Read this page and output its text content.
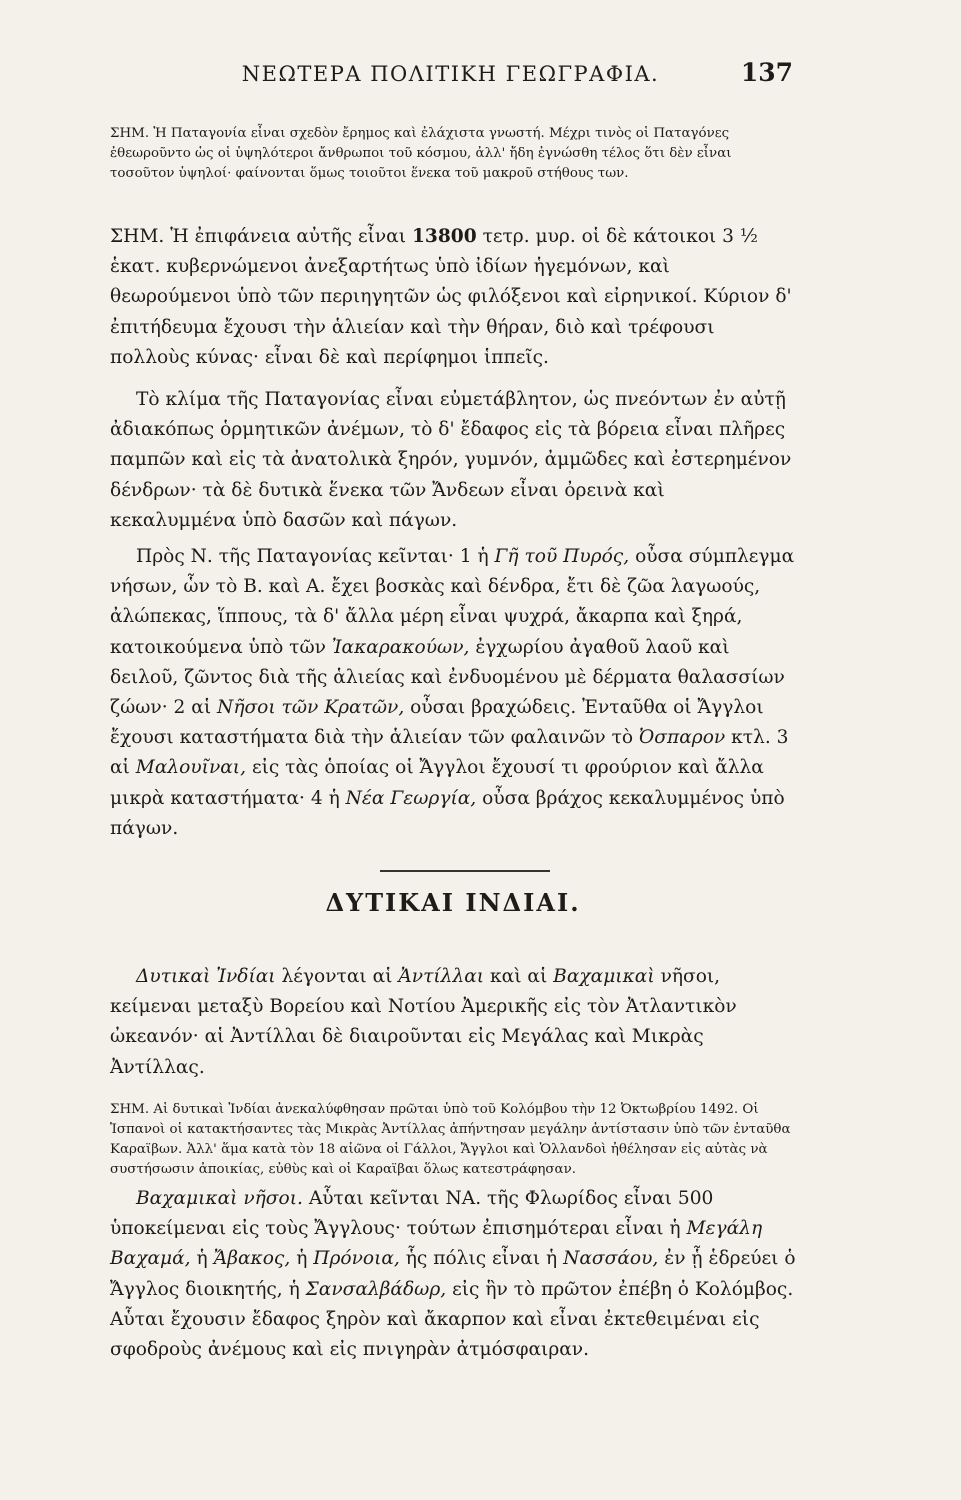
ΝΕΩΤΕΡΑ ΠΟΛΙΤΙΚΗ ΓΕΩΓΡΑΦΙΑ.	137
ΣΗΜ. Ἡ Παταγονία εἶναι σχεδὸν ἔρημος καὶ ἐλάχιστα γνωστή. Μέχρι τινὸς οἱ Παταγόνες ἐθεωροῦντο ὡς οἱ ὑψηλότεροι ἄνθρωποι τοῦ κόσμου, ἀλλ' ἤδη ἐγνώσθη τέλος ὅτι δὲν εἶναι τοσοῦτον ὑψηλοί· φαίνονται ὅμως τοιοῦτοι ἕνεκα τοῦ μακροῦ στήθους των.
ΣΗΜ. Ἡ ἐπιφάνεια αὐτῆς εἶναι 13800 τετρ. μυρ. οἱ δὲ κάτοικοι 3 ½ ἑκατ. κυβερνώμενοι ἀνεξαρτήτως ὑπὸ ἰδίων ἡγεμόνων, καὶ θεωρούμενοι ὑπὸ τῶν περιηγητῶν ὡς φιλόξενοι καὶ εἰρηνικοί. Κύριον δ' ἐπιτήδευμα ἔχουσι τὴν ἁλιείαν καὶ τὴν θήραν, διὸ καὶ τρέφουσι πολλοὺς κύνας· εἶναι δὲ καὶ περίφημοι ἱππεῖς.
Τὸ κλίμα τῆς Παταγονίας εἶναι εὐμετάβλητον, ὡς πνεόντων ἐν αὐτῇ ἀδιακόπως ὁρμητικῶν ἀνέμων, τὸ δ' ἔδαφος εἰς τὰ βόρεια εἶναι πλῆρες παμπῶν καὶ εἰς τὰ ἀνατολικὰ ξηρόν, γυμνόν, ἀμμῶδες καὶ ἐστερημένον δένδρων· τὰ δὲ δυτικὰ ἕνεκα τῶν Ἄνδεων εἶναι ὀρεινὰ καὶ κεκαλυμμένα ὑπὸ δασῶν καὶ πάγων.
Πρὸς Ν. τῆς Παταγονίας κεῖνται· 1 ἡ Γῆ τοῦ Πυρός, οὖσα σύμπλεγμα νήσων, ὧν τὸ Β. καὶ Α. ἔχει βοσκὰς καὶ δένδρα, ἔτι δὲ ζῶα λαγωούς, ἀλώπεκας, ἵππους, τὰ δ' ἄλλα μέρη εἶναι ψυχρά, ἄκαρπα καὶ ξηρά, κατοικούμενα ὑπὸ τῶν Ἰακαρακούων, ἐγχωρίου ἀγαθοῦ λαοῦ καὶ δειλοῦ, ζῶντος διὰ τῆς ἁλιείας καὶ ἐνδυομένου μὲ δέρματα θαλασσίων ζώων· 2 αἱ Νῆσοι τῶν Κρατῶν, οὖσαι βραχώδεις. Ἐνταῦθα οἱ Ἄγγλοι ἔχουσι καταστήματα διὰ τὴν ἁλιείαν τῶν φαλαινῶν τὸ Ὀσπαρον κτλ. 3 αἱ Μαλουῖναι, εἰς τὰς ὁποίας οἱ Ἄγγλοι ἔχουσί τι φρούριον καὶ ἄλλα μικρὰ καταστήματα· 4 ἡ Νέα Γεωργία, οὖσα βράχος κεκαλυμμένος ὑπὸ πάγων.
ΔΥΤΙΚΑΙ ΙΝΔΙΑΙ.
Δυτικαὶ Ἰνδίαι λέγονται αἱ Ἀντίλλαι καὶ αἱ Βαχαμικαὶ νῆσοι, κείμεναι μεταξὺ Βορείου καὶ Νοτίου Ἀμερικῆς εἰς τὸν Ἀτλαντικὸν ὠκεανόν· αἱ Ἀντίλλαι δὲ διαιροῦνται εἰς Μεγάλας καὶ Μικρὰς Ἀντίλλας.
ΣΗΜ. Αἱ δυτικαὶ Ἰνδίαι ἀνεκαλύφθησαν πρῶται ὑπὸ τοῦ Κολόμβου τὴν 12 Ὀκτωβρίου 1492. Οἱ Ἱσπανοὶ οἱ κατακτήσαντες τὰς Μικρὰς Ἀντίλλας ἀπήντησαν μεγάλην ἀντίστασιν ὑπὸ τῶν ἐνταῦθα Καραϊβων. Ἀλλ' ἅμα κατὰ τὸν 18 αἰῶνα οἱ Γάλλοι, Ἄγγλοι καὶ Ὁλλανδοὶ ἠθέλησαν εἰς αὐτὰς νὰ συστήσωσιν ἀποικίας, εὐθὺς καὶ οἱ Καραϊβαι ὅλως κατεστράφησαν.
Βαχαμικαὶ νῆσοι. Αὗται κεῖνται ΝΑ. τῆς Φλωρίδος εἶναι 500 ὑποκείμεναι εἰς τοὺς Ἄγγλους· τούτων ἐπισημότεραι εἶναι ἡ Μεγάλη Βαχαμά, ἡ Ἄβακος, ἡ Πρόνοια, ἧς πόλις εἶναι ἡ Νασσάου, ἐν ᾗ ἑδρεύει ὁ Ἄγγλος διοικητής, ἡ Σανσαλβάδωρ, εἰς ἣν τὸ πρῶτον ἐπέβη ὁ Κολόμβος. Αὗται ἔχουσιν ἔδαφος ξηρὸν καὶ ἄκαρπον καὶ εἶναι ἐκτεθειμέναι εἰς σφοδροὺς ἀνέμους καὶ εἰς πνιγηρὰν ἀτμόσφαιραν.
